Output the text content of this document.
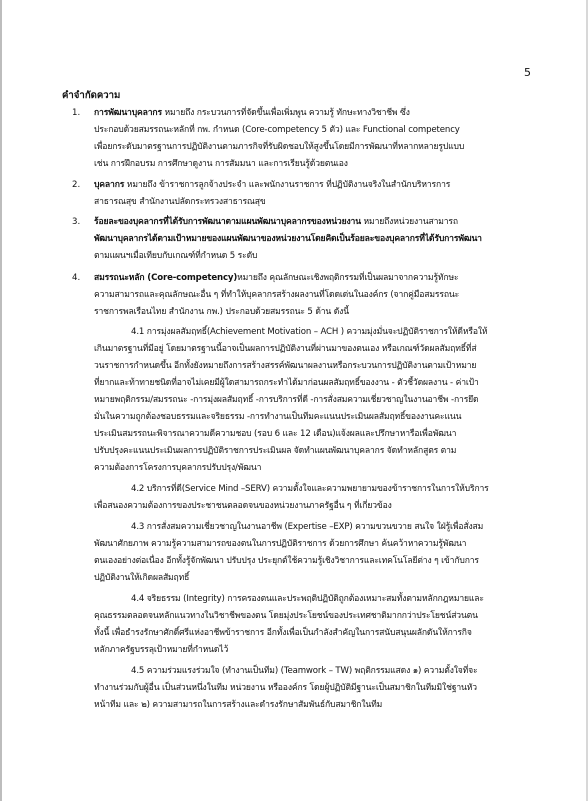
5
คำจำกัดความ
1. การพัฒนาบุคลากร หมายถึง กระบวนการที่จัดขึ้นเพื่อเพิ่มพูน ความรู้ ทักษะทางวิชาชีพ ซึ่ง
ประกอบด้วยสมรรถนะหลักที่ กพ. กำหนด (Core-competency 5 ตัว) และ Functional competency
เพื่อยกระดับมาตรฐานการปฏิบัติงานตามภารกิจที่รับผิดชอบให้สูงขึ้นโดยมีการพัฒนาที่หลากหลายรูปแบบ
เช่น การฝึกอบรม การศึกษาดูงาน การสัมมนา และการเรียนรู้ด้วยตนเอง
2. บุคลากร หมายถึง ข้าราชการลูกจ้างประจำ และพนักงานราชการ ที่ปฏิบัติงานจริงในสำนักบริหารการ
สาธารณสุข สำนักงานปลัดกระทรวงสาธารณสุข
3. ร้อยละของบุคลากรที่ได้รับการพัฒนาตามแผนพัฒนาบุคลากรของหน่วยงาน หมายถึงหน่วยงานสามารถ
พัฒนาบุคลากรได้ตามเป้าหมายของแผนพัฒนาของหน่วยงานโดยคิดเป็นร้อยละของบุคลากรที่ได้รับการพัฒนา
ตามแผนฯเมื่อเทียบกับเกณฑ์ที่กำหนด 5 ระดับ
4. สมรรถนะหลัก (Core-competency)หมายถึง คุณลักษณะเชิงพฤติกรรมที่เป็นผลมาจากความรู้ทักษะ
ความสามารถและคุณลักษณะอื่น ๆ ที่ทำให้บุคลากรสร้างผลงานที่โดดเด่นในองค์กร (จากคู่มือสมรรถนะ
ราชการพลเรือนไทย สำนักงาน กพ.) ประกอบด้วยสมรรถนะ 5 ด้าน ดังนี้
4.1 การมุ่งผลสัมฤทธิ์(Achievement Motivation – ACH ) ความมุ่งมั่นจะปฏิบัติราชการให้ดีหรือให้
เกินมาตรฐานที่มีอยู่ โดยมาตรฐานนี้อาจเป็นผลการปฏิบัติงานที่ผ่านมาของตนเอง หรือเกณฑ์วัดผลสัมฤทธิ์ที่ส่
วนราชการกำหนดขึ้น อีกทั้งยังหมายถึงการสร้างสรรค์พัฒนาผลงานหรือกระบวนการปฏิบัติงานตามเป้าหมาย
ที่ยากและท้าทายชนิดที่อาจไม่เคยมีผู้ใดสามารถกระทำได้มาก่อนผลสัมฤทธิ์ของงาน - ตัวชี้วัดผลงาน - ค่าเป้า
หมายพฤติกรรม/สมรรถนะ -การมุ่งผลสัมฤทธิ์ -การบริการที่ดี -การสั่งสมความเชี่ยวชาญในงานอาชีพ -การยึด
มั่นในความถูกต้องชอบธรรมและจริยธรรม -การทำงานเป็นทีมคะแนนประเมินผลสัมฤทธิ์ของงานคะแนน
ประเมินสมรรถนะพิจารณาความดีความชอบ (รอบ 6 และ 12 เดือน)แจ้งผลและปรึกษาหารือเพื่อพัฒนา
ปรับปรุงคะแนนประเมินผลการปฏิบัติราชการประเมินผล จัดทำแผนพัฒนาบุคลากร จัดทำหลักสูตร ตาม
ความต้องการโครงการบุคลากรปรับปรุง/พัฒนา
4.2 บริการที่ดี(Service Mind –SERV) ความตั้งใจและความพยายามของข้าราชการในการให้บริการ
เพื่อสนองความต้องการของประชาชนตลอดจนของหน่วยงานภาครัฐอื่น ๆ ที่เกี่ยวข้อง
4.3 การสั่งสมความเชี่ยวชาญในงานอาชีพ (Expertise –EXP) ความขวนขวาย สนใจ ใฝ่รู้เพื่อสั่งสม
พัฒนาศักยภาพ ความรู้ความสามารถของตนในการปฏิบัติราชการ ด้วยการศึกษา ค้นคว้าหาความรู้พัฒนา
ตนเองอย่างต่อเนื่อง อีกทั้งรู้จักพัฒนา ปรับปรุง ประยุกต์ใช้ความรู้เชิงวิชาการและเทคโนโลยีต่าง ๆ เข้ากับการ
ปฏิบัติงานให้เกิดผลสัมฤทธิ์
4.4 จริยธรรม (Integrity) การครองตนและประพฤติปฏิบัติถูกต้องเหมาะสมทั้งตามหลักกฎหมายและ
คุณธรรมตลอดจนหลักแนวทางในวิชาชีพของตน โดยมุ่งประโยชน์ของประเทศชาติมากกว่าประโยชน์ส่วนตน
ทั้งนี้ เพื่อธำรงรักษาศักดิ์ศรีแห่งอาชีพข้าราชการ อีกทั้งเพื่อเป็นกำลังสำคัญในการสนับสนุนผลักดันให้การกิจ
หลักภาครัฐบรรลุเป้าหมายที่กำหนดไว้
4.5 ความร่วมแรงร่วมใจ (ทำงานเป็นทีม) (Teamwork – TW) พฤติกรรมแสดง ๑) ความตั้งใจที่จะ
ทำงานร่วมกับผู้อื่น เป็นส่วนหนึ่งในทีม หน่วยงาน หรือองค์กร โดยผู้ปฏิบัติมีฐานะเป็นสมาชิกในทีมมิใช่ฐานหัว
หน้าทีม และ ๒) ความสามารถในการสร้างและดำรงรักษาสัมพันธ์กับสมาชิกในทีม
